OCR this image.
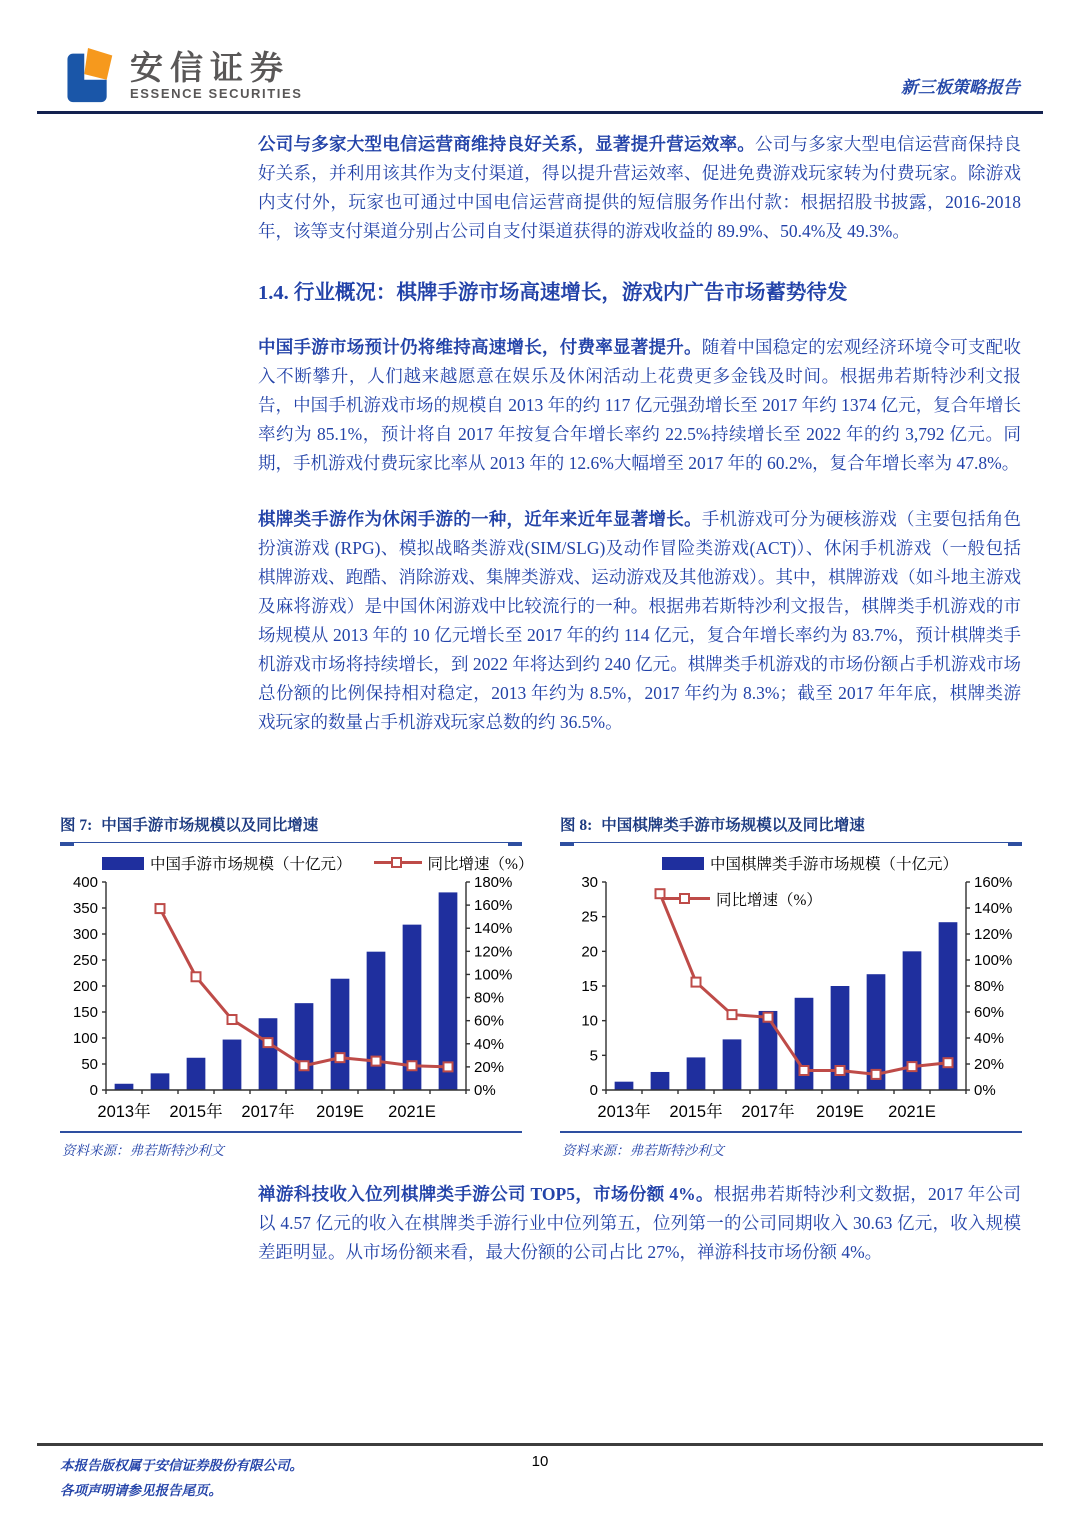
安信证券
ESSENCE SECURITIES	新三板策略报告

公司与多家大型电信运营商维持良好关系，显著提升营运效率。公司与多家大型电信运营商保持良好关系，并利用该其作为支付渠道，得以提升营运效率、促进免费游戏玩家转为付费玩家。除游戏内支付外，玩家也可通过中国电信运营商提供的短信服务作出付款：根据招股书披露，2016-2018 年，该等支付渠道分别占公司自支付渠道获得的游戏收益的 89.9%、50.4%及 49.3%。

1.4. 行业概况：棋牌手游市场高速增长，游戏内广告市场蓄势待发

中国手游市场预计仍将维持高速增长，付费率显著提升。随着中国稳定的宏观经济环境令可支配收入不断攀升，人们越来越愿意在娱乐及休闲活动上花费更多金钱及时间。根据弗若斯特沙利文报告，中国手机游戏市场的规模自 2013 年的约 117 亿元强劲增长至 2017 年约 1374 亿元，复合年增长率约为 85.1%，预计将自 2017 年按复合年增长率约 22.5%持续增长至 2022 年的约 3,792 亿元。同期，手机游戏付费玩家比率从 2013 年的 12.6%大幅增至 2017 年的 60.2%，复合年增长率为 47.8%。

棋牌类手游作为休闲手游的一种，近年来近年显著增长。手机游戏可分为硬核游戏（主要包括角色扮演游戏 (RPG)、模拟战略类游戏(SIM/SLG)及动作冒险类游戏(ACT)）、休闲手机游戏（一般包括棋牌游戏、跑酷、消除游戏、集牌类游戏、运动游戏及其他游戏）。其中，棋牌游戏（如斗地主游戏及麻将游戏）是中国休闲游戏中比较流行的一种。根据弗若斯特沙利文报告，棋牌类手机游戏的市场规模从 2013 年的 10 亿元增长至 2017 年的约 114 亿元，复合年增长率约为 83.7%，预计棋牌类手机游戏市场将持续增长，到 2022 年将达到约 240 亿元。棋牌类手机游戏的市场份额占手机游戏市场总份额的比例保持相对稳定，2013 年约为 8.5%，2017 年约为 8.3%；截至 2017 年年底，棋牌类游戏玩家的数量占手机游戏玩家总数的约 36.5%。

图 7: 中国手游市场规模以及同比增速
中国手游市场规模（十亿元）	同比增速（%）
0
50
100
150
200
250
300
350
400
0%
20%
40%
60%
80%
100%
120%
140%
160%
180%
2013年 2015年 2017年 2019E 2021E
资料来源：弗若斯特沙利文
图 8: 中国棋牌类手游市场规模以及同比增速
中国棋牌类手游市场规模（十亿元）
同比增速（%）
0
5
10
15
20
25
30
0%
20%
40%
60%
80%
100%
120%
140%
160%
2013年 2015年 2017年 2019E 2021E
资料来源：弗若斯特沙利文

禅游科技收入位列棋牌类手游公司 TOP5，市场份额 4%。根据弗若斯特沙利文数据，2017 年公司以 4.57 亿元的收入在棋牌类手游行业中位列第五，位列第一的公司同期收入 30.63 亿元，收入规模差距明显。从市场份额来看，最大份额的公司占比 27%，禅游科技市场份额 4%。

本报告版权属于安信证券股份有限公司。
各项声明请参见报告尾页。
10
